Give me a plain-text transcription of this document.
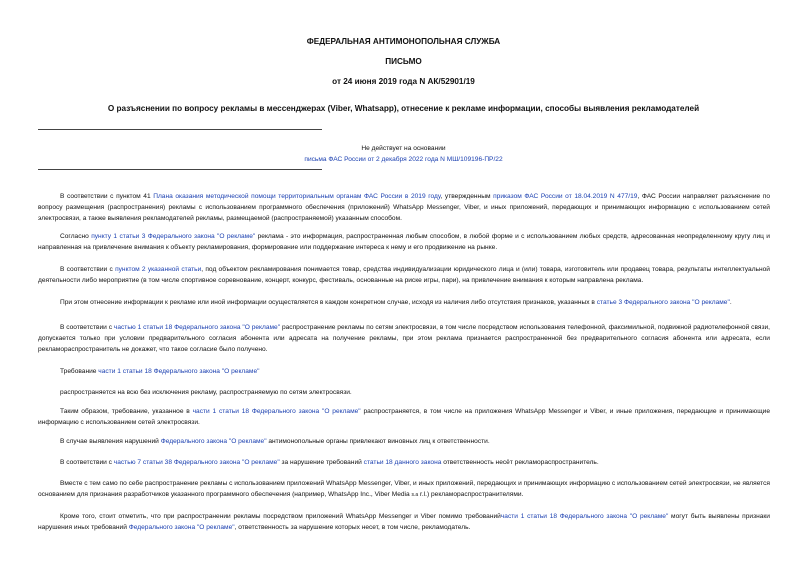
ФЕДЕРАЛЬНАЯ АНТИМОНОПОЛЬНАЯ СЛУЖБА
ПИСЬМО
от 24 июня 2019 года N АК/52901/19
О разъяснении по вопросу рекламы в мессенджерах (Viber, Whatsapp), отнесение к рекламе информации, способы выявления рекламодателей
Не действует на основании
письма ФАС России от 2 декабря 2022 года N МШ/109196-ПР/22
В соответствии с пунктом 41 Плана оказания методической помощи территориальным органам ФАС России в 2019 году, утвержденным приказом ФАС России от 18.04.2019 N 477/19, ФАС России направляет разъяснение по вопросу размещения (распространения) рекламы с использованием программного обеспечения (приложений) WhatsApp Messenger, Viber, и иных приложений, передающих и принимающих информацию с использованием сетей электросвязи, а также выявления рекламодателей рекламы, размещаемой (распространяемой) указанным способом.
Согласно пункту 1 статьи 3 Федерального закона "О рекламе" реклама - это информация, распространенная любым способом, в любой форме и с использованием любых средств, адресованная неопределенному кругу лиц и направленная на привлечение внимания к объекту рекламирования, формирование или поддержание интереса к нему и его продвижение на рынке.
В соответствии с пунктом 2 указанной статьи, под объектом рекламирования понимается товар, средства индивидуализации юридического лица и (или) товара, изготовитель или продавец товара, результаты интеллектуальной деятельности либо мероприятие (в том числе спортивное соревнование, концерт, конкурс, фестиваль, основанные на риске игры, пари), на привлечение внимания к которым направлена реклама.
При этом отнесение информации к рекламе или иной информации осуществляется в каждом конкретном случае, исходя из наличия либо отсутствия признаков, указанных в статье 3 Федерального закона "О рекламе".
В соответствии с частью 1 статьи 18 Федерального закона "О рекламе" распространение рекламы по сетям электросвязи, в том числе посредством использования телефонной, факсимильной, подвижной радиотелефонной связи, допускается только при условии предварительного согласия абонента или адресата на получение рекламы, при этом реклама признается распространенной без предварительного согласия абонента или адресата, если рекламораспространитель не докажет, что такое согласие было получено.
Требование части 1 статьи 18 Федерального закона "О рекламе"
распространяется на всю без исключения рекламу, распространяемую по сетям электросвязи.
Таким образом, требование, указанное в части 1 статьи 18 Федерального закона "О рекламе" распространяется, в том числе на приложения WhatsApp Messenger и Viber, и иные приложения, передающие и принимающие информацию с использованием сетей электросвязи.
В случае выявления нарушений Федерального закона "О рекламе" антимонопольные органы привлекают виновных лиц к ответственности.
В соответствии с частью 7 статьи 38 Федерального закона "О рекламе" за нарушение требований статьи 18 данного закона ответственность несёт рекламораспространитель.
Вместе с тем само по себе распространение рекламы с использованием приложений WhatsApp Messenger, Viber, и иных приложений, передающих и принимающих информацию с использованием сетей электросвязи, не является основанием для признания разработчиков указанного программного обеспечения (например, WhatsApp Inc., Viber Media s.a r.l.) рекламораспространителями.
Кроме того, стоит отметить, что при распространении рекламы посредством приложений WhatsApp Messenger и Viber помимо требованийчасти 1 статьи 18 Федерального закона "О рекламе" могут быть выявлены признаки нарушения иных требований Федерального закона "О рекламе", ответственность за нарушение которых несет, в том числе, рекламодатель.
